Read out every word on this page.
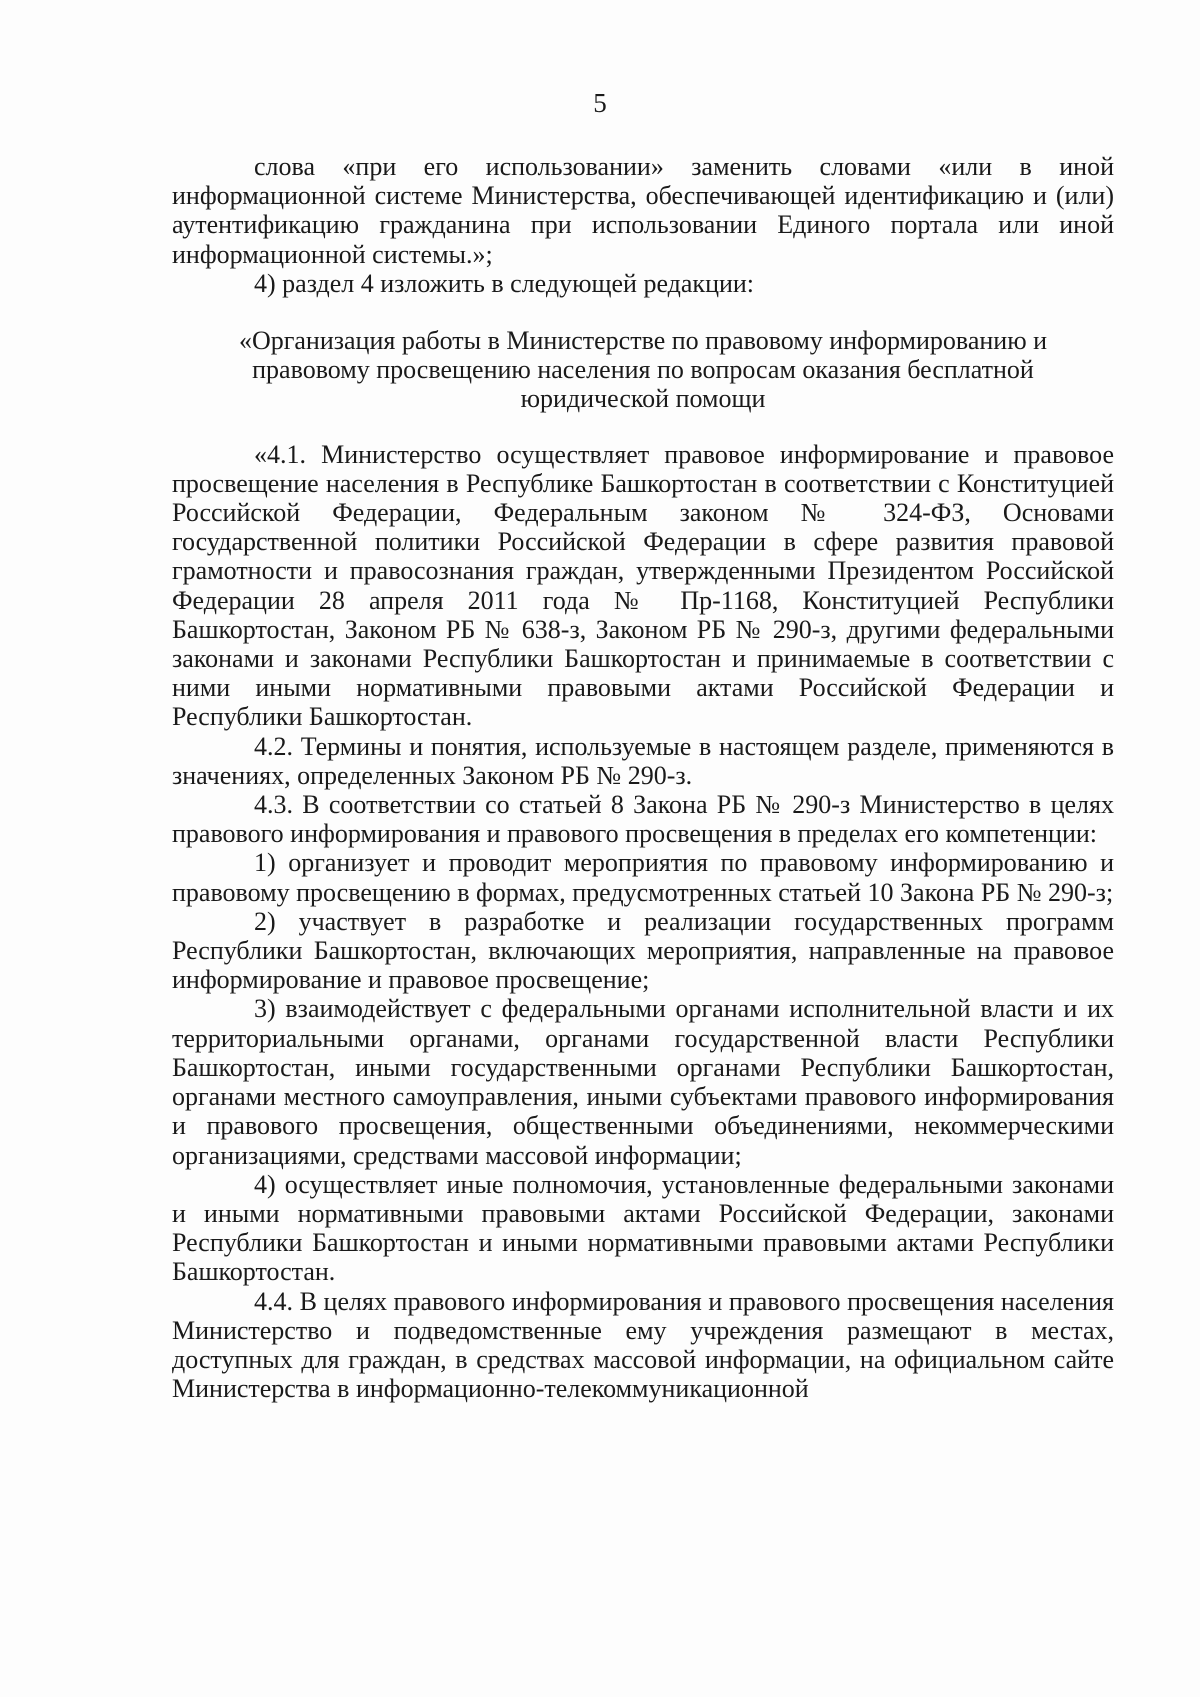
5

слова «при его использовании» заменить словами «или в иной информационной системе Министерства, обеспечивающей идентификацию и (или) аутентификацию гражданина при использовании Единого портала или иной информационной системы.»;

4) раздел 4 изложить в следующей редакции:

«Организация работы в Министерстве по правовому информированию и
правовому просвещению населения по вопросам оказания бесплатной
юридической помощи

«4.1. Министерство осуществляет правовое информирование и правовое просвещение населения в Республике Башкортостан в соответствии с Конституцией Российской Федерации, Федеральным законом № 324-ФЗ, Основами государственной политики Российской Федерации в сфере развития правовой грамотности и правосознания граждан, утвержденными Президентом Российской Федерации 28 апреля 2011 года № Пр-1168, Конституцией Республики Башкортостан, Законом РБ № 638-з, Законом РБ № 290-з, другими федеральными законами и законами Республики Башкортостан и принимаемые в соответствии с ними иными нормативными правовыми актами Российской Федерации и Республики Башкортостан.

4.2. Термины и понятия, используемые в настоящем разделе, применяются в значениях, определенных Законом РБ № 290-з.

4.3. В соответствии со статьей 8 Закона РБ № 290-з Министерство в целях правового информирования и правового просвещения в пределах его компетенции:

1) организует и проводит мероприятия по правовому информированию и правовому просвещению в формах, предусмотренных статьей 10 Закона РБ № 290-з;

2) участвует в разработке и реализации государственных программ Республики Башкортостан, включающих мероприятия, направленные на правовое информирование и правовое просвещение;

3) взаимодействует с федеральными органами исполнительной власти и их территориальными органами, органами государственной власти Республики Башкортостан, иными государственными органами Республики Башкортостан, органами местного самоуправления, иными субъектами правового информирования и правового просвещения, общественными объединениями, некоммерческими организациями, средствами массовой информации;

4) осуществляет иные полномочия, установленные федеральными законами и иными нормативными правовыми актами Российской Федерации, законами Республики Башкортостан и иными нормативными правовыми актами Республики Башкортостан.

4.4. В целях правового информирования и правового просвещения населения Министерство и подведомственные ему учреждения размещают в местах, доступных для граждан, в средствах массовой информации, на официальном сайте Министерства в информационно-телекоммуникационной
